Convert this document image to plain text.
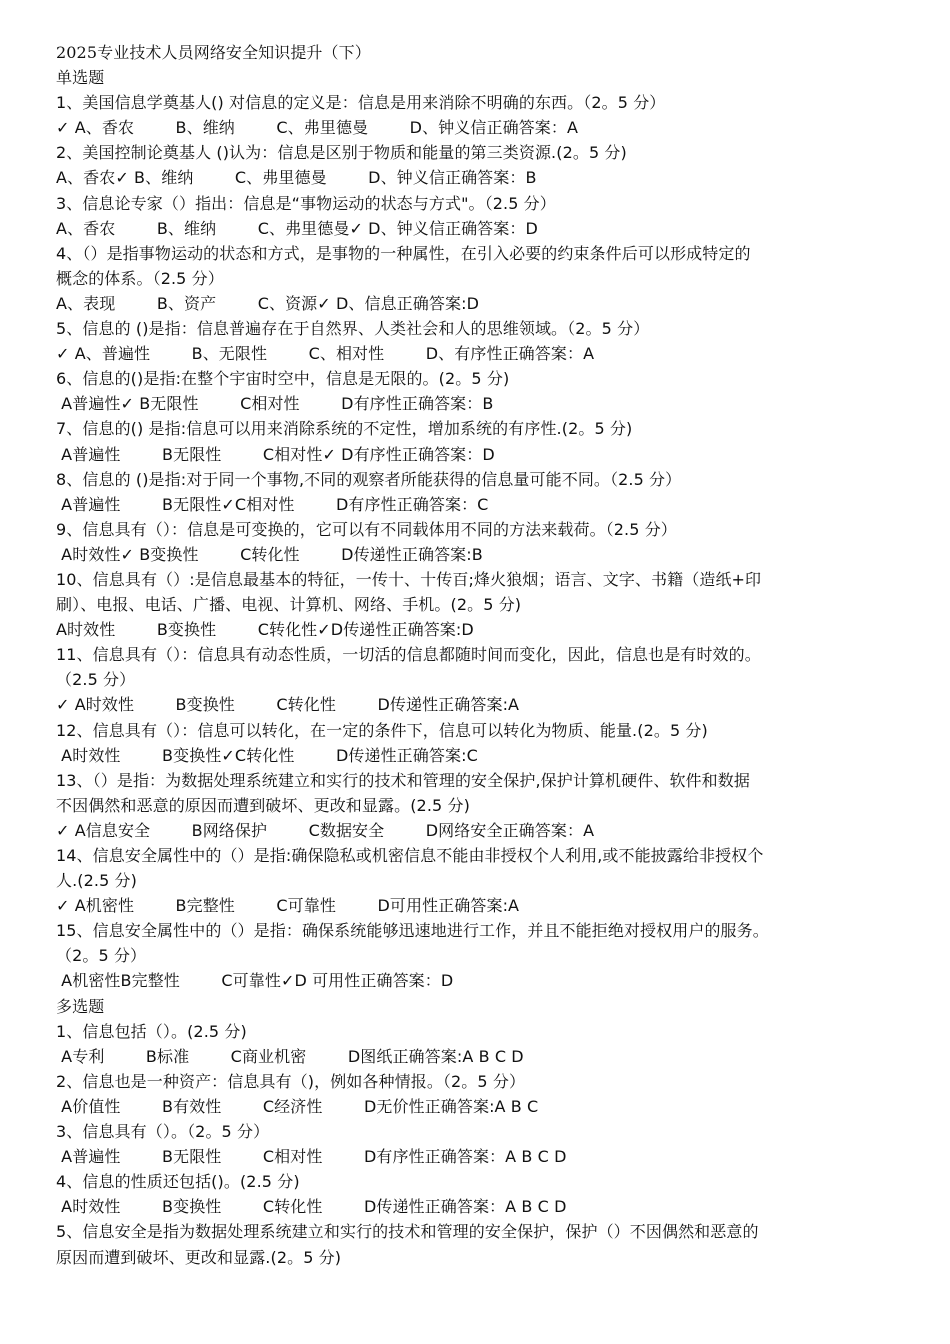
2025专业技术人员网络安全知识提升（下）

单选题

1、美国信息学奠基人() 对信息的定义是：信息是用来消除不明确的东西。（2。5 分）

✓ A、香农        B、维纳        C、弗里德曼        D、钟义信正确答案：A

2、美国控制论奠基人 ()认为：信息是区别于物质和能量的第三类资源.(2。5 分)

A、香农✓ B、维纳        C、弗里德曼        D、钟义信正确答案：B

3、信息论专家（）指出：信息是“事物运动的状态与方式"。（2.5 分）

A、香农        B、维纳        C、弗里德曼✓ D、钟义信正确答案：D

4、（）是指事物运动的状态和方式，是事物的一种属性，在引入必要的约束条件后可以形成特定的

概念的体系。（2.5 分）

A、表现        B、资产        C、资源✓ D、信息正确答案:D

5、信息的 ()是指：信息普遍存在于自然界、人类社会和人的思维领域。（2。5 分）

✓ A、普遍性        B、无限性        C、相对性        D、有序性正确答案：A

6、信息的()是指:在整个宇宙时空中，信息是无限的。(2。5 分)

A普遍性✓ B无限性        C相对性        D有序性正确答案：B

7、信息的() 是指:信息可以用来消除系统的不定性，增加系统的有序性.(2。5 分)

A普遍性        B无限性        C相对性✓ D有序性正确答案：D

8、信息的 ()是指:对于同一个事物,不同的观察者所能获得的信息量可能不同。（2.5 分）

A普遍性        B无限性✓C相对性        D有序性正确答案：C

9、信息具有（）：信息是可变换的，它可以有不同载体用不同的方法来载荷。（2.5 分）

A时效性✓ B变换性        C转化性        D传递性正确答案:B

10、信息具有（）:是信息最基本的特征，一传十、十传百;烽火狼烟；语言、文字、书籍（造纸+印

刷）、电报、电话、广播、电视、计算机、网络、手机。(2。5 分)

A时效性        B变换性        C转化性✓D传递性正确答案:D

11、信息具有（）：信息具有动态性质，一切活的信息都随时间而变化，因此，信息也是有时效的。

（2.5 分）

✓ A时效性        B变换性        C转化性        D传递性正确答案:A

12、信息具有（）：信息可以转化，在一定的条件下，信息可以转化为物质、能量.(2。5 分)

A时效性        B变换性✓C转化性        D传递性正确答案:C

13、（）是指：为数据处理系统建立和实行的技术和管理的安全保护,保护计算机硬件、软件和数据

不因偶然和恶意的原因而遭到破坏、更改和显露。(2.5 分)

✓ A信息安全        B网络保护        C数据安全        D网络安全正确答案：A

14、信息安全属性中的（）是指:确保隐私或机密信息不能由非授权个人利用,或不能披露给非授权个

人.(2.5 分)

✓ A机密性        B完整性        C可靠性        D可用性正确答案:A

15、信息安全属性中的（）是指：确保系统能够迅速地进行工作，并且不能拒绝对授权用户的服务。

（2。5 分）

A机密性B完整性        C可靠性✓D 可用性正确答案：D

多选题

1、信息包括（）。(2.5 分)

A专利        B标准        C商业机密        D图纸正确答案:A B C D

2、信息也是一种资产：信息具有（)，例如各种情报。（2。5 分）

A价值性        B有效性        C经济性        D无价性正确答案:A B C

3、信息具有（）。（2。5 分）

A普遍性        B无限性        C相对性        D有序性正确答案：A B C D

4、信息的性质还包括()。(2.5 分)

A时效性        B变换性        C转化性        D传递性正确答案：A B C D

5、信息安全是指为数据处理系统建立和实行的技术和管理的安全保护，保护（）不因偶然和恶意的

原因而遭到破坏、更改和显露.(2。5 分)
